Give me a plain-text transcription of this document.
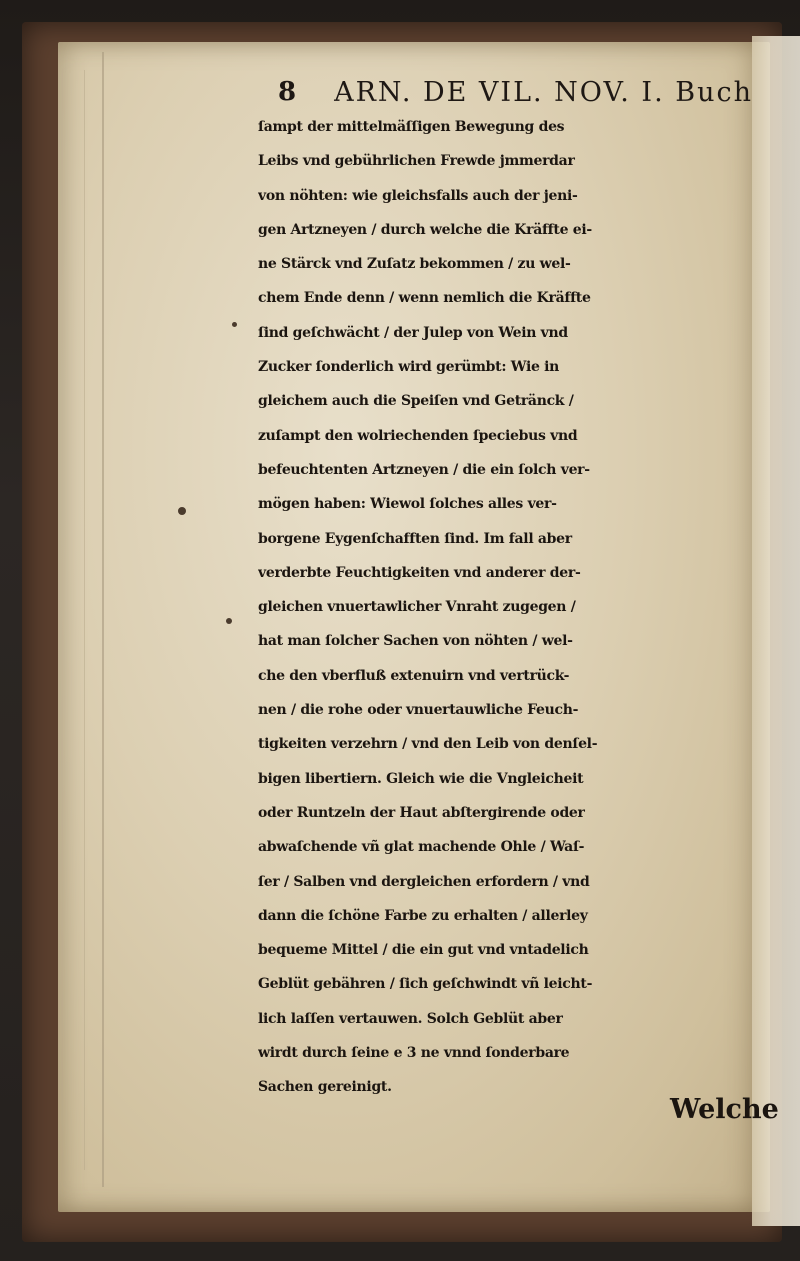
8 ARN. DE VIL. NOV. I. Buch
ſampt der mittelmäſſigen Bewegung des
Leibs vnd gebührlichen Frewde jmmerdar
von nöhten: wie gleichsfalls auch der jeni-
gen Artzneyen / durch welche die Kräffte ei-
ne Stärck vnd Zuſatz bekommen / zu wel-
chem Ende denn / wenn nemlich die Kräffte
ſind geſchwächt / der Julep von Wein vnd
Zucker ſonderlich wird gerümbt: Wie in
gleichem auch die Speiſen vnd Getränck /
zuſampt den wolriechenden ſpeciebus vnd
befeuchtenten Artzneyen / die ein ſolch ver-
mögen haben: Wiewol ſolches alles ver-
borgene Eygenſchafften ſind. Im fall aber
verderbte Feuchtigkeiten vnd anderer der-
gleichen vnuertawlicher Vnraht zugegen /
hat man ſolcher Sachen von nöhten / wel-
che den vberfluß extenuirn vnd vertrück-
nen / die rohe oder vnuertauwliche Feuch-
tigkeiten verzehrn / vnd den Leib von denſel-
bigen libertiern. Gleich wie die Vngleicheit
oder Runtzeln der Haut abſtergirende oder
abwaſchende vñ glat machende Ohle / Waſ-
ſer / Salben vnd dergleichen erfordern / vnd
dann die ſchöne Farbe zu erhalten / allerley
bequeme Mittel / die ein gut vnd vntadelich
Geblüt gebähren / ſich geſchwindt vñ leicht-
lich laſſen vertauwen. Solch Geblüt aber
wirdt durch ſeine e 3 ne vnnd ſonderbare
Sachen gereinigt.
Welche
